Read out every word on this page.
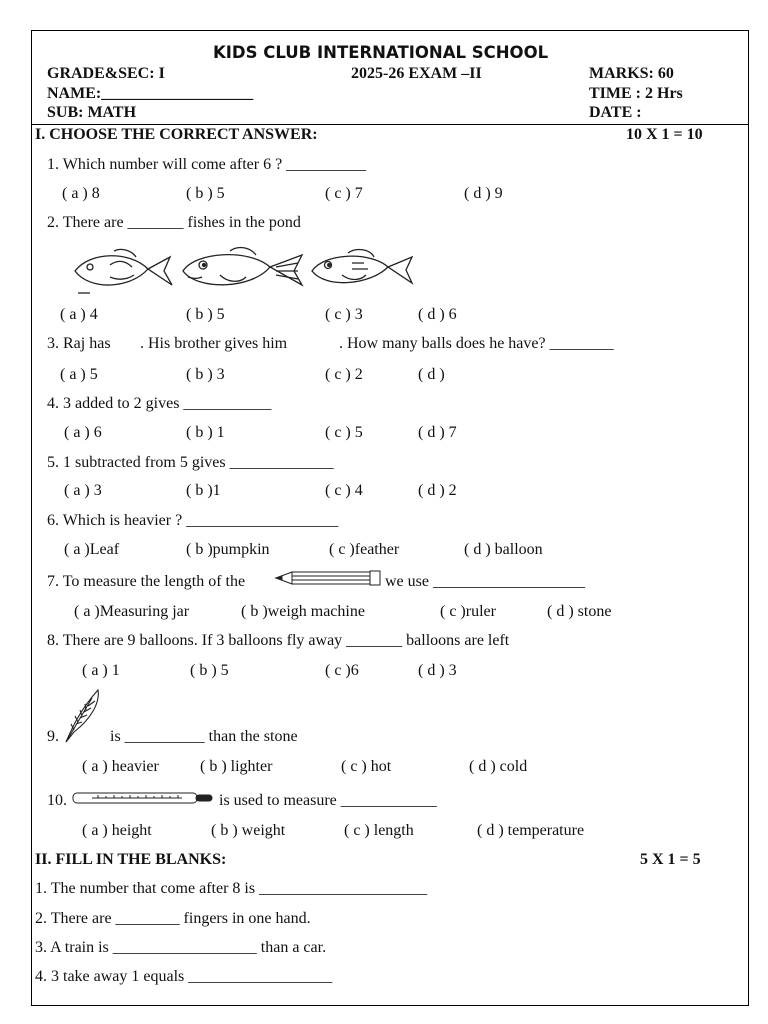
KIDS CLUB INTERNATIONAL SCHOOL
GRADE&SEC: I	2025-26 EXAM –II	MARKS: 60
NAME:___________________	TIME : 2 Hrs
SUB: MATH	DATE :
I. CHOOSE THE CORRECT ANSWER:	10 X 1 = 10
1. Which number will come after 6 ? __________
( a ) 8	( b ) 5	( c ) 7	( d ) 9
2. There are _______ fishes in the pond
( a ) 4	( b ) 5	( c ) 3	( d ) 6
3. Raj has . His brother gives him	. How many balls does he have? ________
( a ) 5	( b ) 3	( c ) 2	( d )
4. 3 added to 2 gives ___________
( a ) 6	( b ) 1	( c ) 5	( d ) 7
5. 1 subtracted from 5 gives _____________
( a ) 3	( b )1	( c ) 4	( d ) 2
6. Which is heavier ? ___________________
( a )Leaf	( b )pumpkin	( c )feather	( d ) balloon
7. To measure the length of the	we use ___________________
( a )Measuring jar	( b )weigh machine	( c )ruler	( d ) stone
8. There are 9 balloons. If 3 balloons fly away _______ balloons are left
( a ) 1	( b ) 5	( c )6	( d ) 3
9.	is __________ than the stone
( a ) heavier	( b ) lighter	( c ) hot	( d ) cold
10.	is used to measure ____________
( a ) height	( b ) weight	( c ) length	( d ) temperature
II. FILL IN THE BLANKS:	5 X 1 = 5
1. The number that come after 8 is _____________________
2. There are ________ fingers in one hand.
3. A train is __________________ than a car.
4. 3 take away 1 equals __________________
